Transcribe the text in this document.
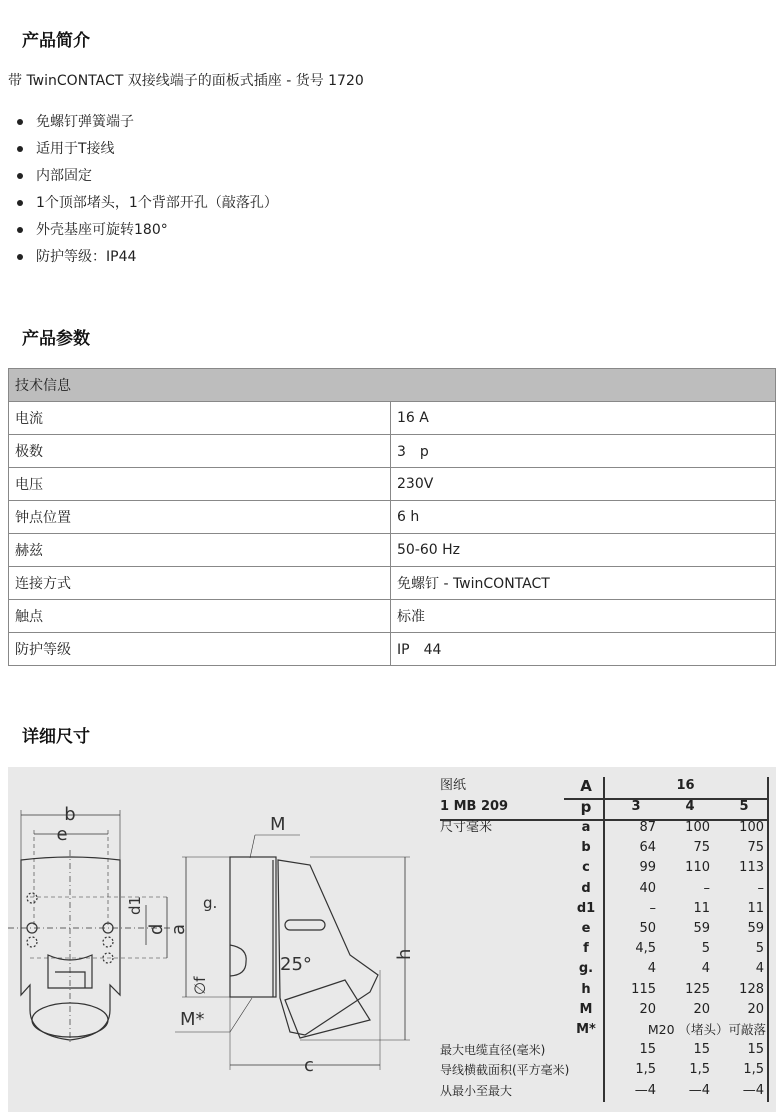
产品简介
带 TwinCONTACT 双接线端子的面板式插座 - 货号 1720
免螺钉弹簧端子
适用于T接线
内部固定
1个顶部堵头，1个背部开孔（敲落孔）
外壳基座可旋转180°
防护等级：IP44
产品参数
技术信息	
电流	16 A
极数	3　p
电压	230V
钟点位置	6 h
赫兹	50-60 Hz
连接方式	免螺钉 - TwinCONTACT
触点	标准
防护等级	IP　44
详细尺寸
b
e	M
g.
d1
d a
h
25°
∅f
M*
c
图纸	A	16
1 MB 209	p
尺寸毫米
3	4	5
a	87	100	100
b	64	75	75
c	99	110	113
d	40	–	–
d1	–	11	11
e	50	59	59
f	4,5	5	5
g.	4	4	4
h	115	125	128
M	20	20	20
M*	M20 （堵头）可敲落
最大电缆直径(毫米)	15	15	15
导线横截面积(平方毫米)	1,5	1,5	1,5
从最小至最大	—4	—4	—4
